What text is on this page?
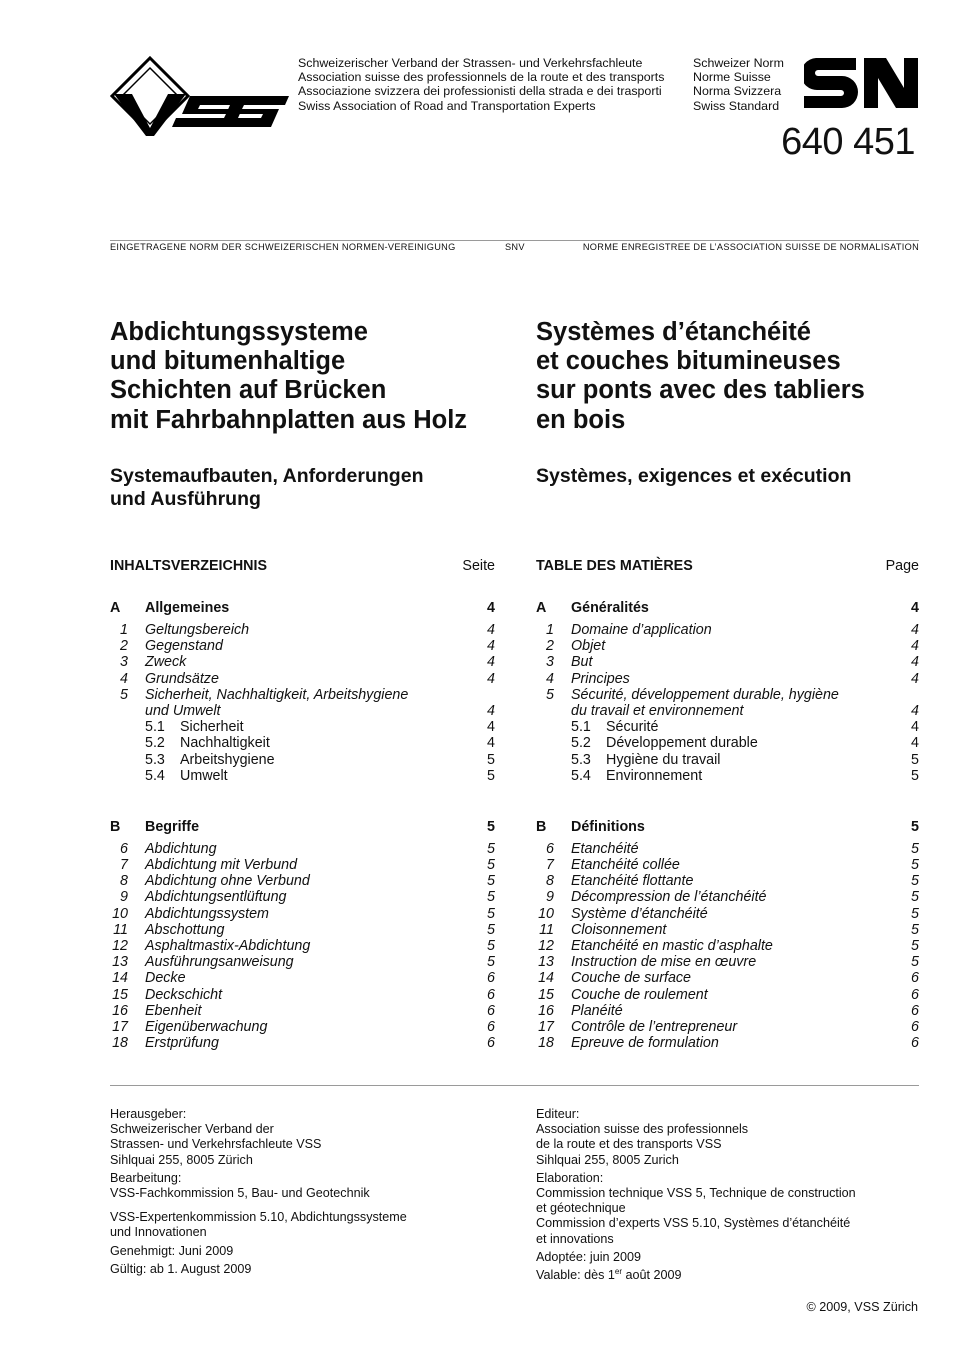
Schweizerischer Verband der Strassen- und Verkehrsfachleute
Association suisse des professionnels de la route et des transports
Associazione svizzera dei professionisti della strada e dei trasporti
Swiss Association of Road and Transportation Experts
Schweizer Norm
Norme Suisse
Norma Svizzera
Swiss Standard
640 451
EINGETRAGENE NORM DER SCHWEIZERISCHEN NORMEN-VEREINIGUNG	SNV	NORME ENREGISTREE DE L’ASSOCIATION SUISSE DE NORMALISATION
Abdichtungssysteme
und bitumenhaltige
Schichten auf Brücken
mit Fahrbahnplatten aus Holz
Systèmes d’étanchéité
et couches bitumineuses
sur ponts avec des tabliers
en bois
Systemaufbauten, Anforderungen
und Ausführung
Systèmes, exigences et exécution
INHALTSVERZEICHNIS	Seite
A	Allgemeines	4
1	Geltungsbereich	4
2	Gegenstand	4
3	Zweck	4
4	Grundsätze	4
5	Sicherheit, Nachhaltigkeit, Arbeitshygiene
und Umwelt	4
5.1	Sicherheit	4
5.2	Nachhaltigkeit	4
5.3	Arbeitshygiene	5
5.4	Umwelt	5
B	Begriffe	5
6	Abdichtung	5
7	Abdichtung mit Verbund	5
8	Abdichtung ohne Verbund	5
9	Abdichtungsentlüftung	5
10	Abdichtungssystem	5
11	Abschottung	5
12	Asphaltmastix-Abdichtung	5
13	Ausführungsanweisung	5
14	Decke	6
15	Deckschicht	6
16	Ebenheit	6
17	Eigenüberwachung	6
18	Erstprüfung	6
TABLE DES MATIÈRES	Page
A	Généralités	4
1	Domaine d’application	4
2	Objet	4
3	But	4
4	Principes	4
5	Sécurité, développement durable, hygiène
du travail et environnement	4
5.1	Sécurité	4
5.2	Développement durable	4
5.3	Hygiène du travail	5
5.4	Environnement	5
B	Définitions	5
6	Etanchéité	5
7	Etanchéité collée	5
8	Etanchéité flottante	5
9	Décompression de l’étanchéité	5
10	Système d’étanchéité	5
11	Cloisonnement	5
12	Etanchéité en mastic d’asphalte	5
13	Instruction de mise en œuvre	5
14	Couche de surface	6
15	Couche de roulement	6
16	Planéité	6
17	Contrôle de l’entrepreneur	6
18	Epreuve de formulation	6
Herausgeber:
Schweizerischer Verband der
Strassen- und Verkehrsfachleute VSS
Sihlquai 255, 8005 Zürich
Bearbeitung:
VSS-Fachkommission 5, Bau- und Geotechnik
VSS-Expertenkommission 5.10, Abdichtungssysteme
und Innovationen
Genehmigt: Juni 2009
Gültig: ab 1. August 2009
Editeur:
Association suisse des professionnels
de la route et des transports VSS
Sihlquai 255, 8005 Zurich
Elaboration:
Commission technique VSS 5, Technique de construction
et géotechnique
Commission d’experts VSS 5.10, Systèmes d’étanchéité
et innovations
Adoptée: juin 2009
Valable: dès 1er août 2009
© 2009, VSS Zürich
